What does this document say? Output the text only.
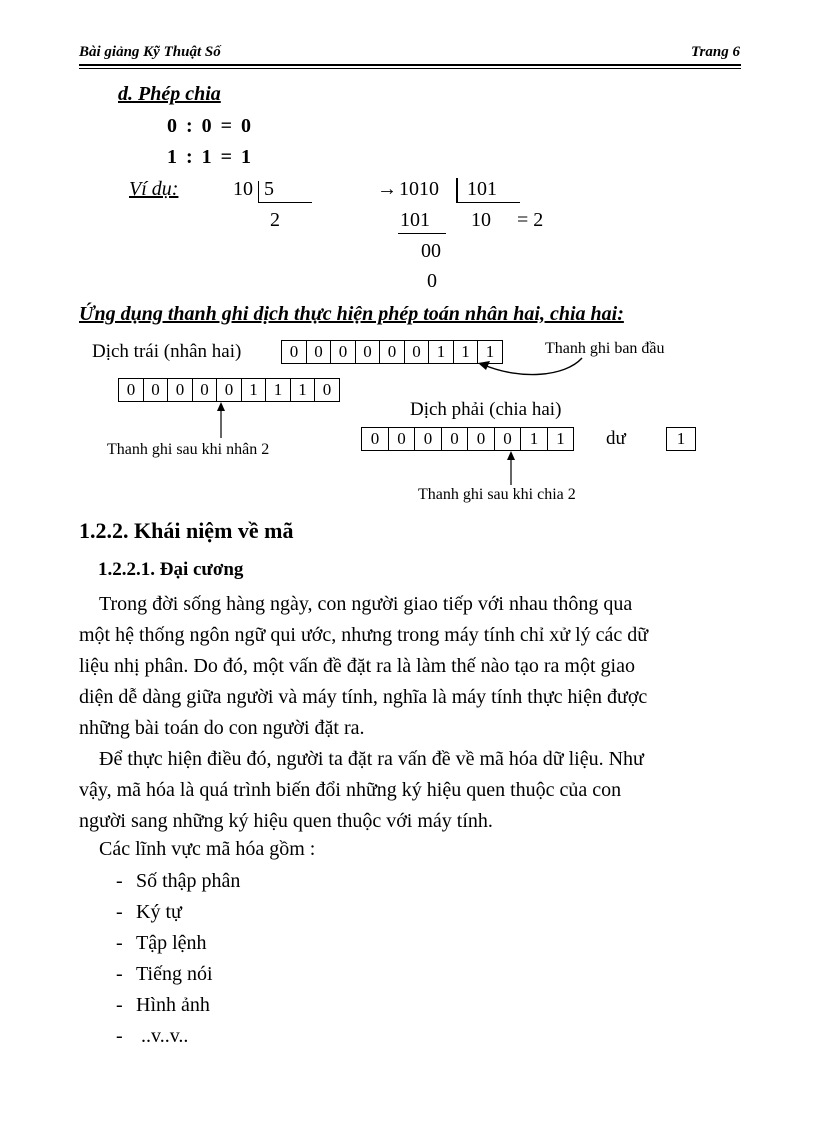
Bài giảng Kỹ Thuật Số	Trang 6
d. Phép chia
0 : 0 = 0
1 : 1 = 1
Ví dụ:	10 5
2
→ 1010 101
101 10 = 2
00
0
Ứng dụng thanh ghi dịch thực hiện phép toán nhân hai, chia hai:
Dịch trái (nhân hai)	0 0 0 0 0 0 1 1 1	Thanh ghi ban đầu
0 0 0 0 0 1 1 1 0
Thanh ghi sau khi nhân 2
Dịch phải (chia hai)
0	0	0	0	0	0	1	1	dư	1
Thanh ghi sau khi chia 2
1.2.2. Khái niệm về mã
1.2.2.1. Đại cương
Trong đời sống hàng ngày, con người giao tiếp với nhau thông qua
một hệ thống ngôn ngữ qui ước, nhưng trong máy tính chỉ xử lý các dữ
liệu nhị phân. Do đó, một vấn đề đặt ra là làm thế nào tạo ra một giao
diện dễ dàng giữa người và máy tính, nghĩa là máy tính thực hiện được
những bài toán do con người đặt ra.
Để thực hiện điều đó, người ta đặt ra vấn đề về mã hóa dữ liệu. Như
vậy, mã hóa là quá trình biến đổi những ký hiệu quen thuộc của con
người sang những ký hiệu quen thuộc với máy tính.
Các lĩnh vực mã hóa gồm :
- Số thập phân
- Ký tự
- Tập lệnh
- Tiếng nói
- Hình ảnh
- ..v..v..
